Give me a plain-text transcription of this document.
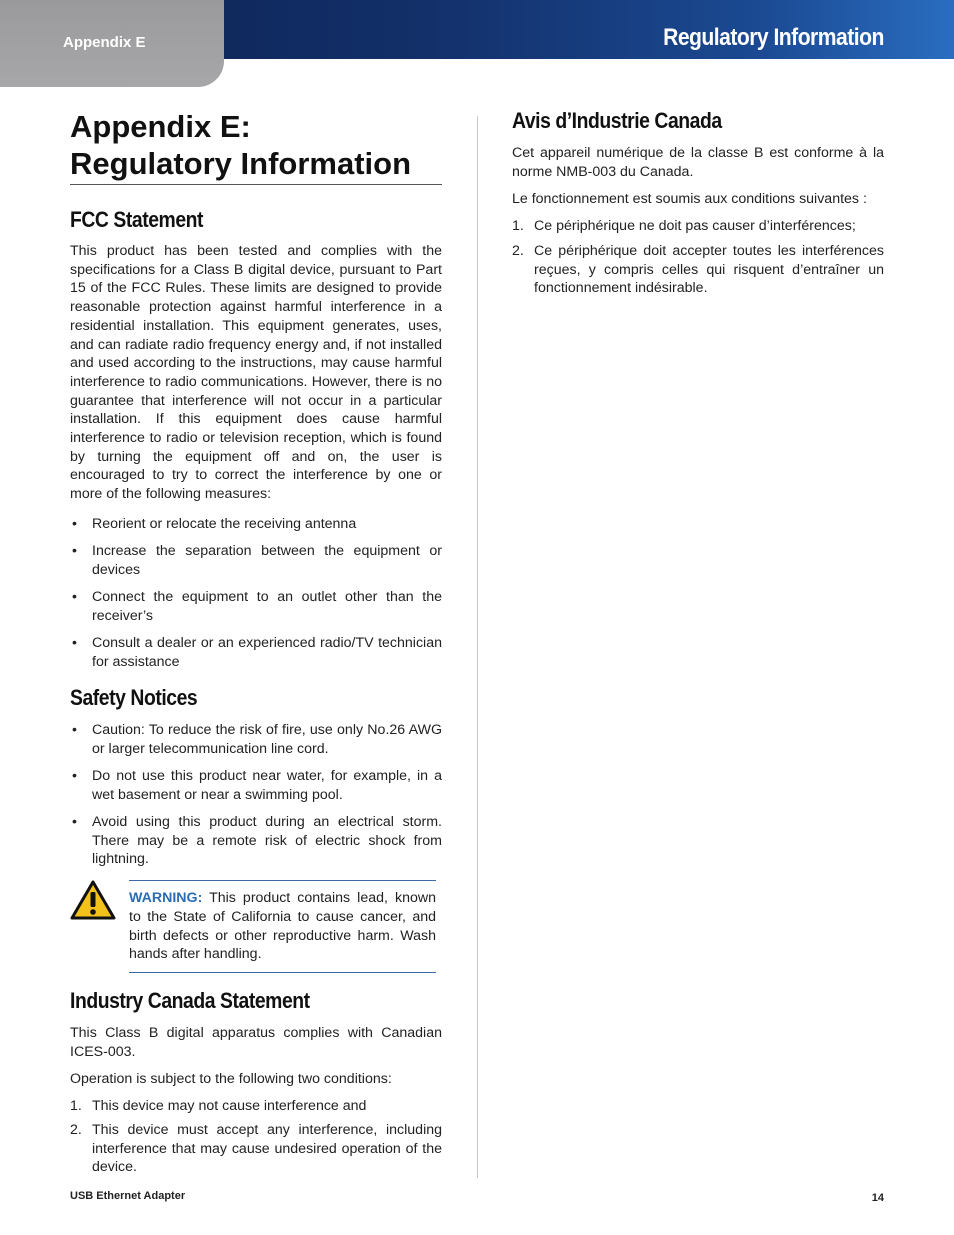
Appendix E	Regulatory Information
Appendix E:
Regulatory Information
FCC Statement

This product has been tested and complies with the specifications for a Class B digital device, pursuant to Part 15 of the FCC Rules. These limits are designed to provide reasonable protection against harmful interference in a residential installation. This equipment generates, uses, and can radiate radio frequency energy and, if not installed and used according to the instructions, may cause harmful interference to radio communications. However, there is no guarantee that interference will not occur in a particular installation. If this equipment does cause harmful interference to radio or television reception, which is found by turning the equipment off and on, the user is encouraged to try to correct the interference by one or more of the following measures:

• Reorient or relocate the receiving antenna
• Increase the separation between the equipment or devices
• Connect the equipment to an outlet other than the receiver’s
• Consult a dealer or an experienced radio/TV technician for assistance
Safety Notices
• Caution: To reduce the risk of fire, use only No.26 AWG or larger telecommunication line cord.
• Do not use this product near water, for example, in a wet basement or near a swimming pool.
• Avoid using this product during an electrical storm. There may be a remote risk of electric shock from lightning.

WARNING: This product contains lead, known to the State of California to cause cancer, and birth defects or other reproductive harm. Wash hands after handling.

Industry Canada Statement

This Class B digital apparatus complies with Canadian ICES-003.

Operation is subject to the following two conditions:

1. This device may not cause interference and
2. This device must accept any interference, including interference that may cause undesired operation of the device.
Avis d’Industrie Canada

Cet appareil numérique de la classe B est conforme à la norme NMB-003 du Canada.

Le fonctionnement est soumis aux conditions suivantes :

1. Ce périphérique ne doit pas causer d’interférences;
2. Ce périphérique doit accepter toutes les interférences reçues, y compris celles qui risquent d’entraîner un fonctionnement indésirable.
USB Ethernet Adapter	14
